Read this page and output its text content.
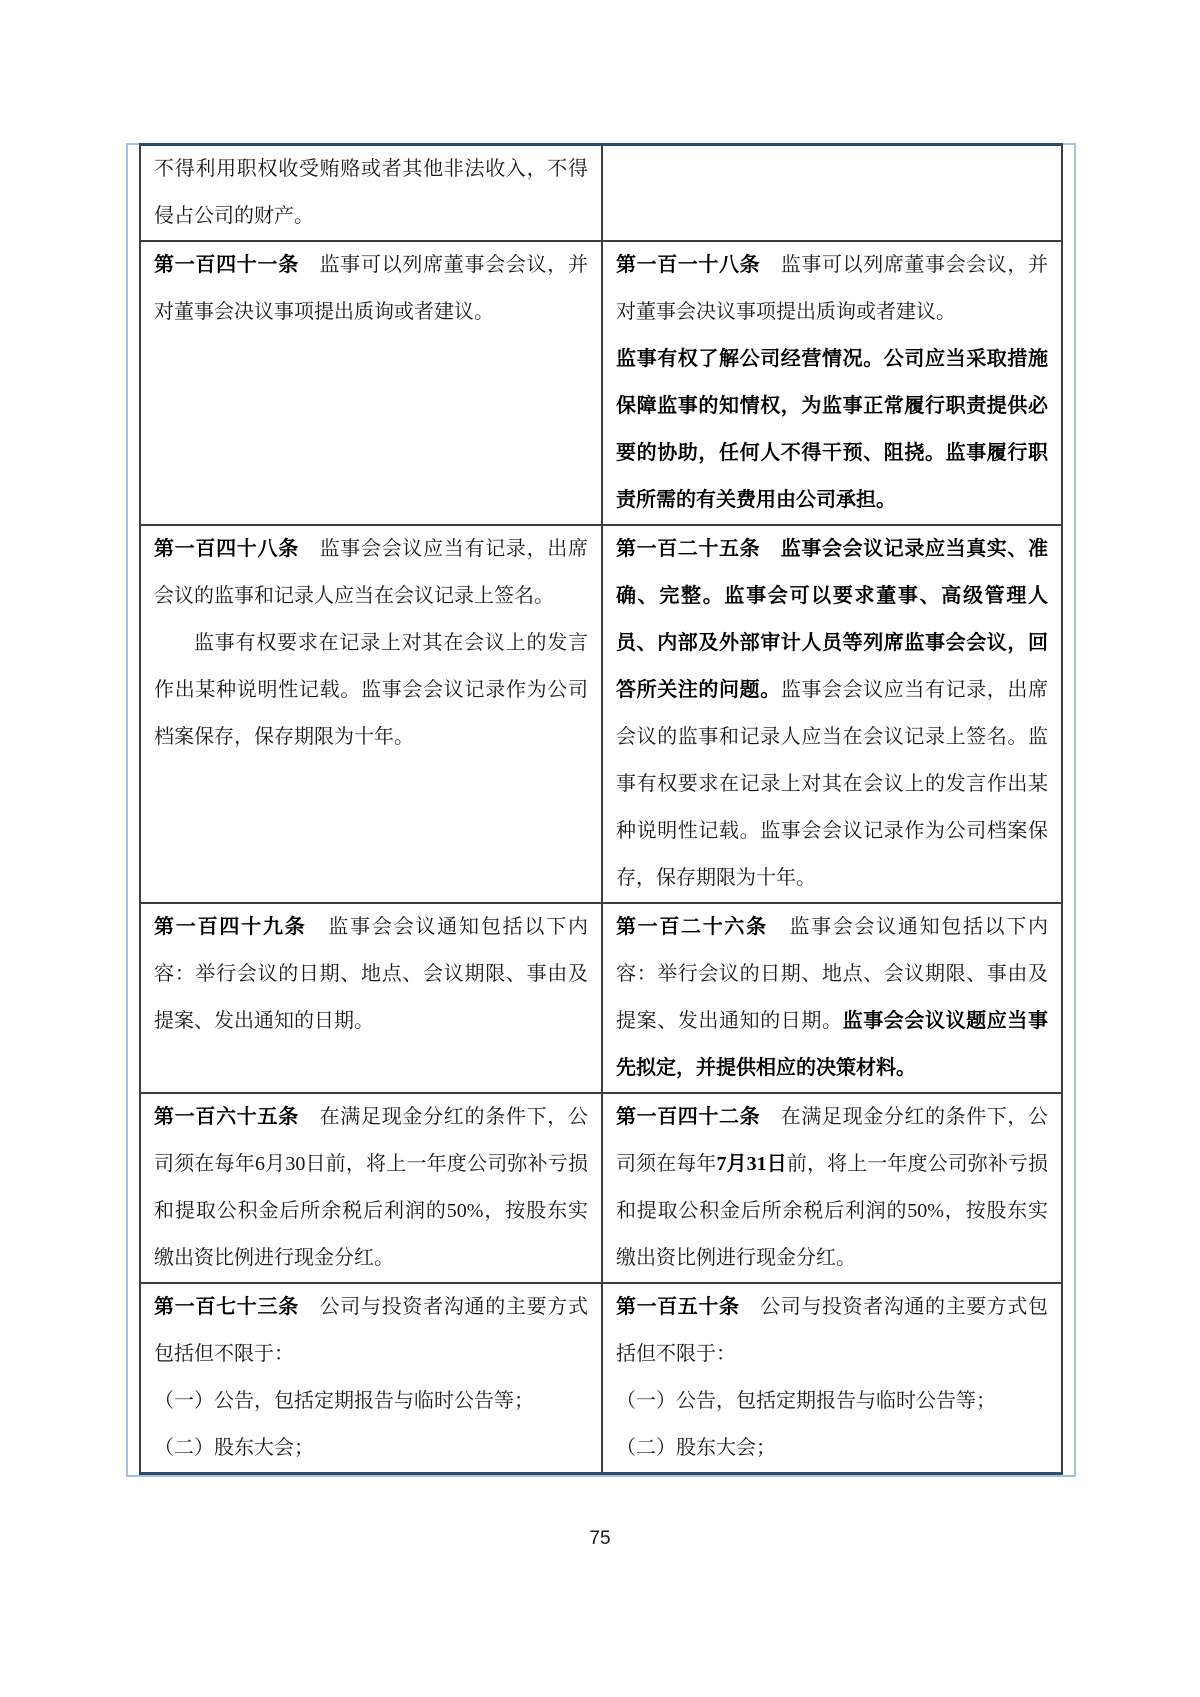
不得利用职权收受贿赂或者其他非法收入，不得侵占公司的财产。

第一百四十一条　监事可以列席董事会会议，并对董事会决议事项提出质询或者建议。

第一百一十八条　监事可以列席董事会会议，并对董事会决议事项提出质询或者建议。

监事有权了解公司经营情况。公司应当采取措施保障监事的知情权，为监事正常履行职责提供必要的协助，任何人不得干预、阻挠。监事履行职责所需的有关费用由公司承担。

第一百四十八条　监事会会议应当有记录，出席会议的监事和记录人应当在会议记录上签名。

监事有权要求在记录上对其在会议上的发言作出某种说明性记载。监事会会议记录作为公司档案保存，保存期限为十年。

第一百二十五条　监事会会议记录应当真实、准确、完整。监事会可以要求董事、高级管理人员、内部及外部审计人员等列席监事会会议，回答所关注的问题。监事会会议应当有记录，出席会议的监事和记录人应当在会议记录上签名。监事有权要求在记录上对其在会议上的发言作出某种说明性记载。监事会会议记录作为公司档案保存，保存期限为十年。

第一百四十九条　监事会会议通知包括以下内容：举行会议的日期、地点、会议期限、事由及提案、发出通知的日期。

第一百二十六条　监事会会议通知包括以下内容：举行会议的日期、地点、会议期限、事由及提案、发出通知的日期。监事会会议议题应当事先拟定，并提供相应的决策材料。

第一百六十五条　在满足现金分红的条件下，公司须在每年6月30日前，将上一年度公司弥补亏损和提取公积金后所余税后利润的50%，按股东实缴出资比例进行现金分红。

第一百四十二条　在满足现金分红的条件下，公司须在每年7月31日前，将上一年度公司弥补亏损和提取公积金后所余税后利润的50%，按股东实缴出资比例进行现金分红。

第一百七十三条　公司与投资者沟通的主要方式包括但不限于：

（一）公告，包括定期报告与临时公告等；

（二）股东大会；

第一百五十条　公司与投资者沟通的主要方式包括但不限于：

（一）公告，包括定期报告与临时公告等；

（二）股东大会；

75
